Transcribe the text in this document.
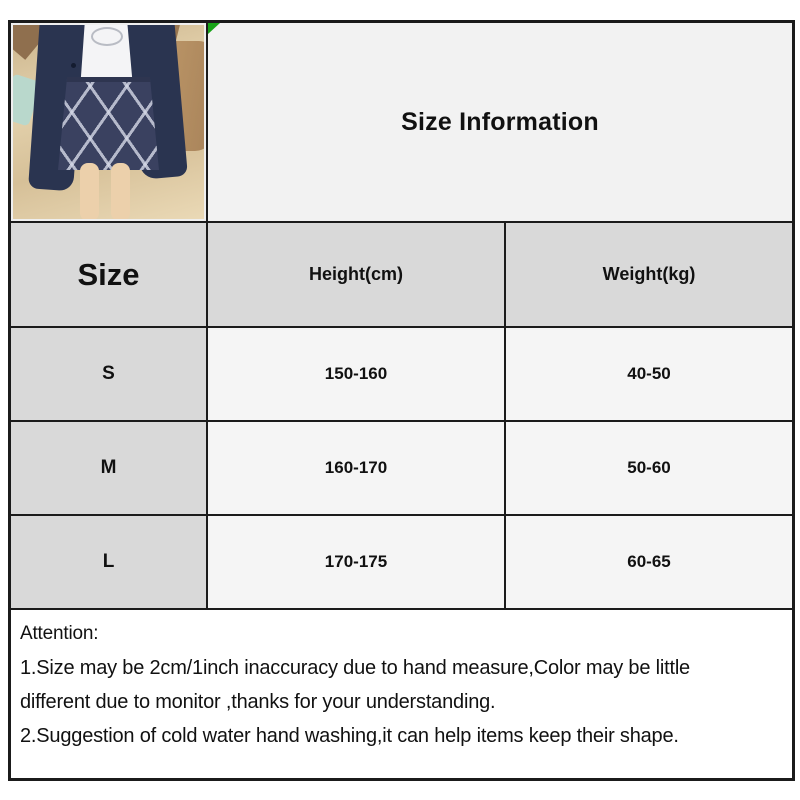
Size Information
Size	Height(cm)	Weight(kg)
S	150-160	40-50
M	160-170	50-60
L	170-175	60-65
Attention:
1.Size may be 2cm/1inch inaccuracy due to hand measure,Color may be little
different due to monitor ,thanks for your understanding.
2.Suggestion of cold water hand washing,it can help items keep their shape.
